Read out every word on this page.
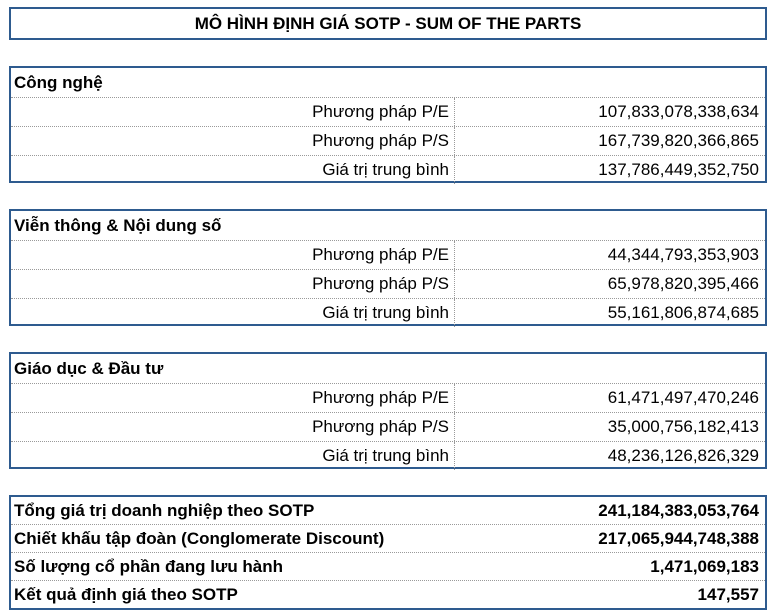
MÔ HÌNH ĐỊNH GIÁ SOTP - SUM OF THE PARTS
Công nghệ
Phương pháp P/E	107,833,078,338,634
Phương pháp P/S	167,739,820,366,865
Giá trị trung bình	137,786,449,352,750
Viễn thông & Nội dung số
Phương pháp P/E	44,344,793,353,903
Phương pháp P/S	65,978,820,395,466
Giá trị trung bình	55,161,806,874,685
Giáo dục & Đầu tư
Phương pháp P/E	61,471,497,470,246
Phương pháp P/S	35,000,756,182,413
Giá trị trung bình	48,236,126,826,329
Tổng giá trị doanh nghiệp theo SOTP	241,184,383,053,764
Chiết khấu tập đoàn (Conglomerate Discount)	217,065,944,748,388
Số lượng cổ phần đang lưu hành	1,471,069,183
Kết quả định giá theo SOTP	147,557
